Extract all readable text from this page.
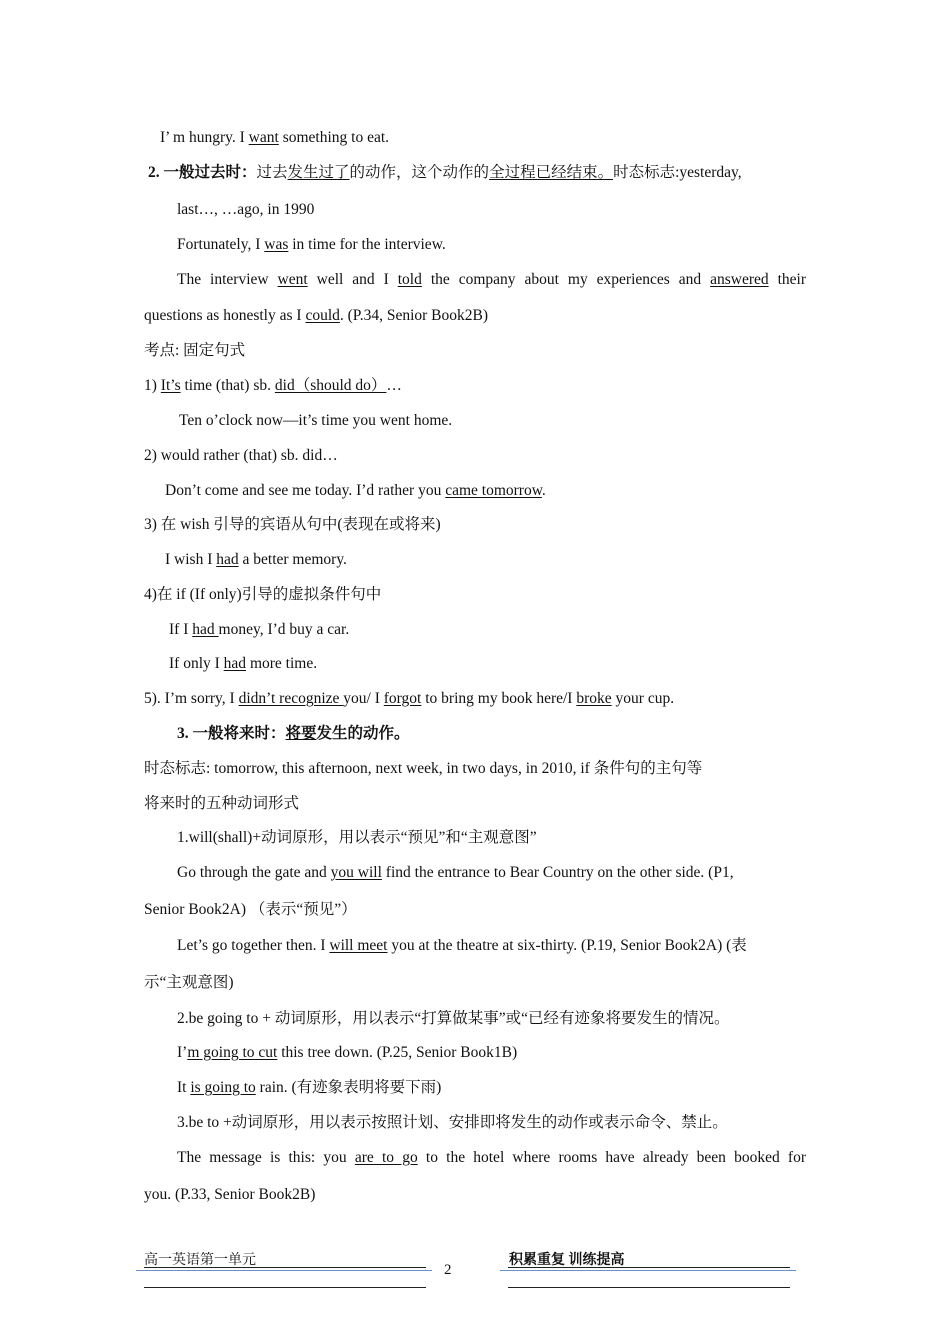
I’ m hungry. I want something to eat.
2. 一般过去时：过去发生过了的动作，这个动作的全过程已经结束。时态标志:yesterday,
last…, …ago, in 1990
Fortunately, I was in time for the interview.
The interview went well and I told the company about my experiences and answered their
questions as honestly as I could. (P.34, Senior Book2B)
考点: 固定句式
1) It’s time (that) sb. did（should do）…
Ten o’clock now—it’s time you went home.
2) would rather (that) sb. did…
Don’t come and see me today. I’d rather you came tomorrow.
3) 在 wish 引导的宾语从句中(表现在或将来)
I wish I had a better memory.
4)在 if (If only)引导的虚拟条件句中
If I had money, I’d buy a car.
If only I had more time.
5). I’m sorry, I didn’t recognize you/ I forgot to bring my book here/I broke your cup.
3. 一般将来时：将要发生的动作。
时态标志: tomorrow, this afternoon, next week, in two days, in 2010, if 条件句的主句等
将来时的五种动词形式
1.will(shall)+动词原形，用以表示“预见”和“主观意图”
Go through the gate and you will find the entrance to Bear Country on the other side. (P1,
Senior Book2A) （表示“预见”）
Let’s go together then. I will meet you at the theatre at six-thirty. (P.19, Senior Book2A) (表
示“主观意图)
2.be going to + 动词原形，用以表示“打算做某事”或“已经有迹象将要发生的情况。
I’m going to cut this tree down. (P.25, Senior Book1B)
It is going to rain. (有迹象表明将要下雨)
3.be to +动词原形，用以表示按照计划、安排即将发生的动作或表示命令、禁止。
The message is this: you are to go to the hotel where rooms have already been booked for
you. (P.33, Senior Book2B)
高一英语第一单元
2
积累重复 训练提高
